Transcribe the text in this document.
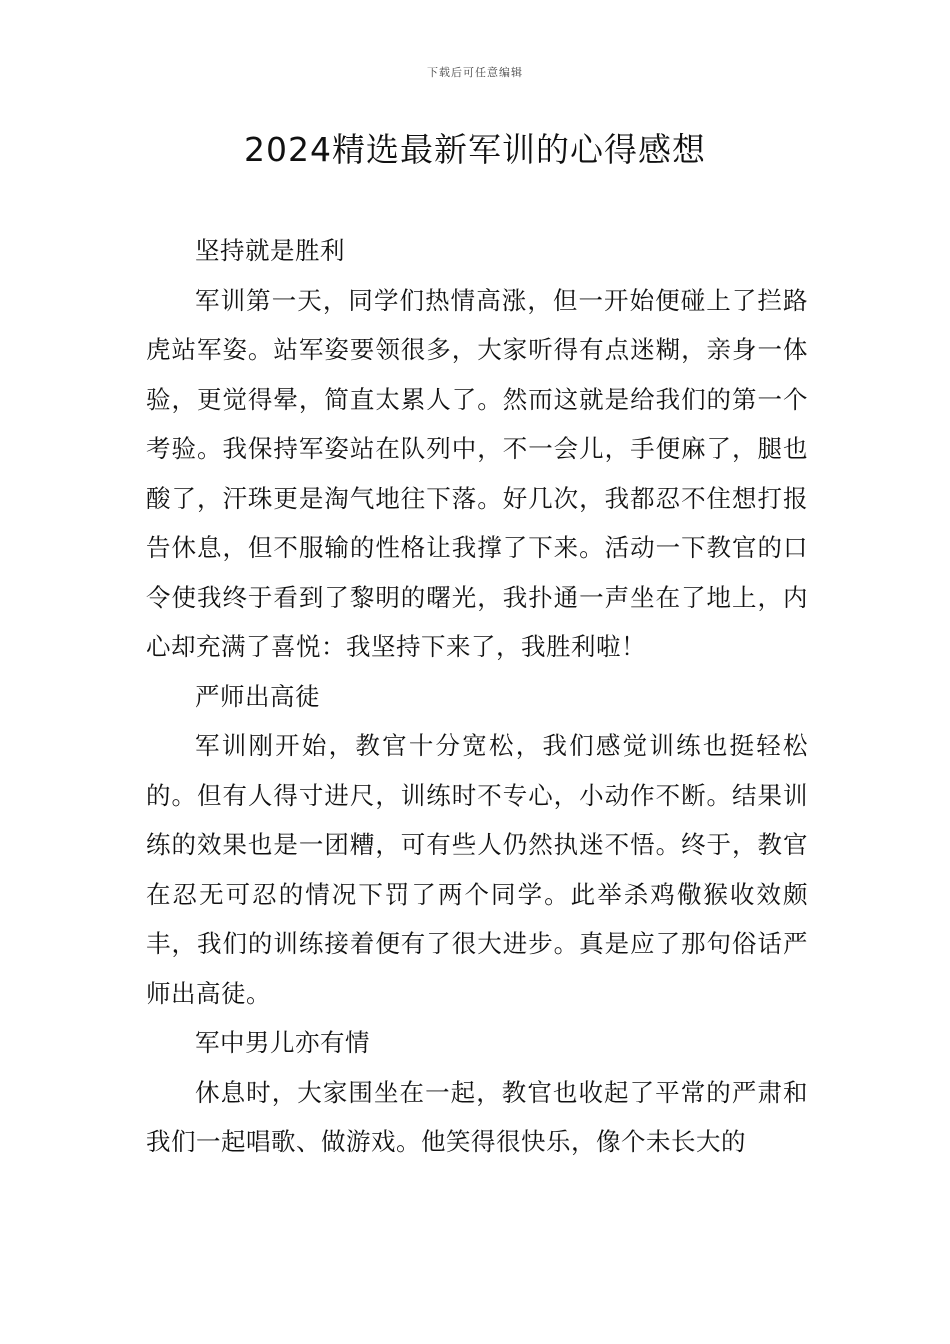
下载后可任意编辑
2024精选最新军训的心得感想

坚持就是胜利

军训第一天，同学们热情高涨，但一开始便碰上了拦路虎站军姿。站军姿要领很多，大家听得有点迷糊，亲身一体验，更觉得晕，简直太累人了。然而这就是给我们的第一个考验。我保持军姿站在队列中，不一会儿，手便麻了，腿也酸了，汗珠更是淘气地往下落。好几次，我都忍不住想打报告休息，但不服输的性格让我撑了下来。活动一下教官的口令使我终于看到了黎明的曙光，我扑通一声坐在了地上，内心却充满了喜悦：我坚持下来了，我胜利啦！

严师出高徒

军训刚开始，教官十分宽松，我们感觉训练也挺轻松的。但有人得寸进尺，训练时不专心，小动作不断。结果训练的效果也是一团糟，可有些人仍然执迷不悟。终于，教官在忍无可忍的情况下罚了两个同学。此举杀鸡儆猴收效颇丰，我们的训练接着便有了很大进步。真是应了那句俗话严师出高徒。

军中男儿亦有情

休息时，大家围坐在一起，教官也收起了平常的严肃和我们一起唱歌、做游戏。他笑得很快乐，像个未长大的
